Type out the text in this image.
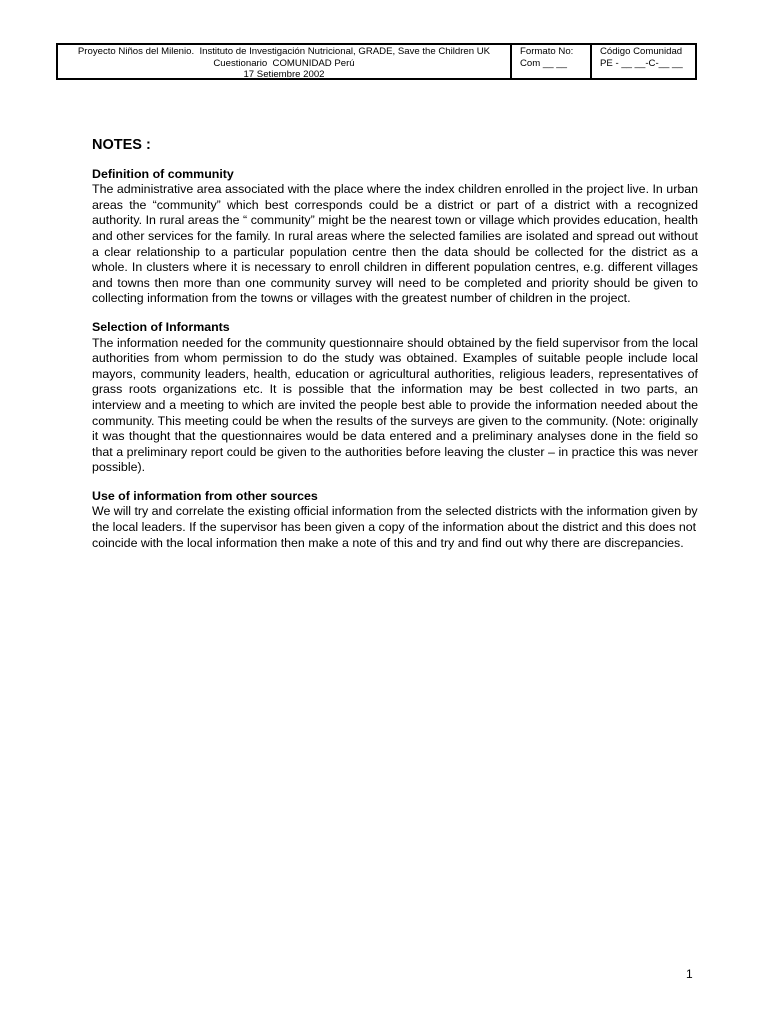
Proyecto Niños del Milenio.  Instituto de Investigación Nutricional, GRADE, Save the Children UK
Cuestionario  COMUNIDAD Perú
17 Setiembre 2002
Formato No:
Com __ __
Código Comunidad
PE - __ __-C-__ __
NOTES :
Definition of community

The administrative area associated with the place where the index children enrolled in the project live. In urban areas the “community” which best corresponds could be a district or part of a district with a recognized authority. In rural areas the “ community” might be the nearest town or village which provides education, health and other services for the family. In rural areas where the selected families are isolated and spread out without a clear relationship to a particular population centre then the data should be collected for the district as a whole. In clusters where it is necessary to enroll children in different population centres, e.g. different villages and towns then more than one community survey will need to be completed and priority should be given to collecting information from the towns or villages with the greatest number of children in the project.

Selection of Informants

The information needed for the community questionnaire should obtained by the field supervisor from the local authorities from whom permission to do the study was obtained. Examples of suitable people include local mayors, community leaders, health, education or agricultural authorities, religious leaders, representatives of grass roots organizations etc. It is possible that the information may be best collected in two parts, an interview and a meeting to which are invited the people best able to provide the information needed about the community. This meeting could be when the results of the surveys are given to the community. (Note: originally it was thought that the questionnaires would be data entered and a preliminary analyses done in the field so that a preliminary report could be given to the authorities before leaving the cluster – in practice this was never possible).

Use of information from other sources

We will try and correlate the existing official information from the selected districts with the information given by the local leaders. If the supervisor has been given a copy of the information about the district and this does not coincide with the local information then make a note of this and try and find out why there are discrepancies.

1
